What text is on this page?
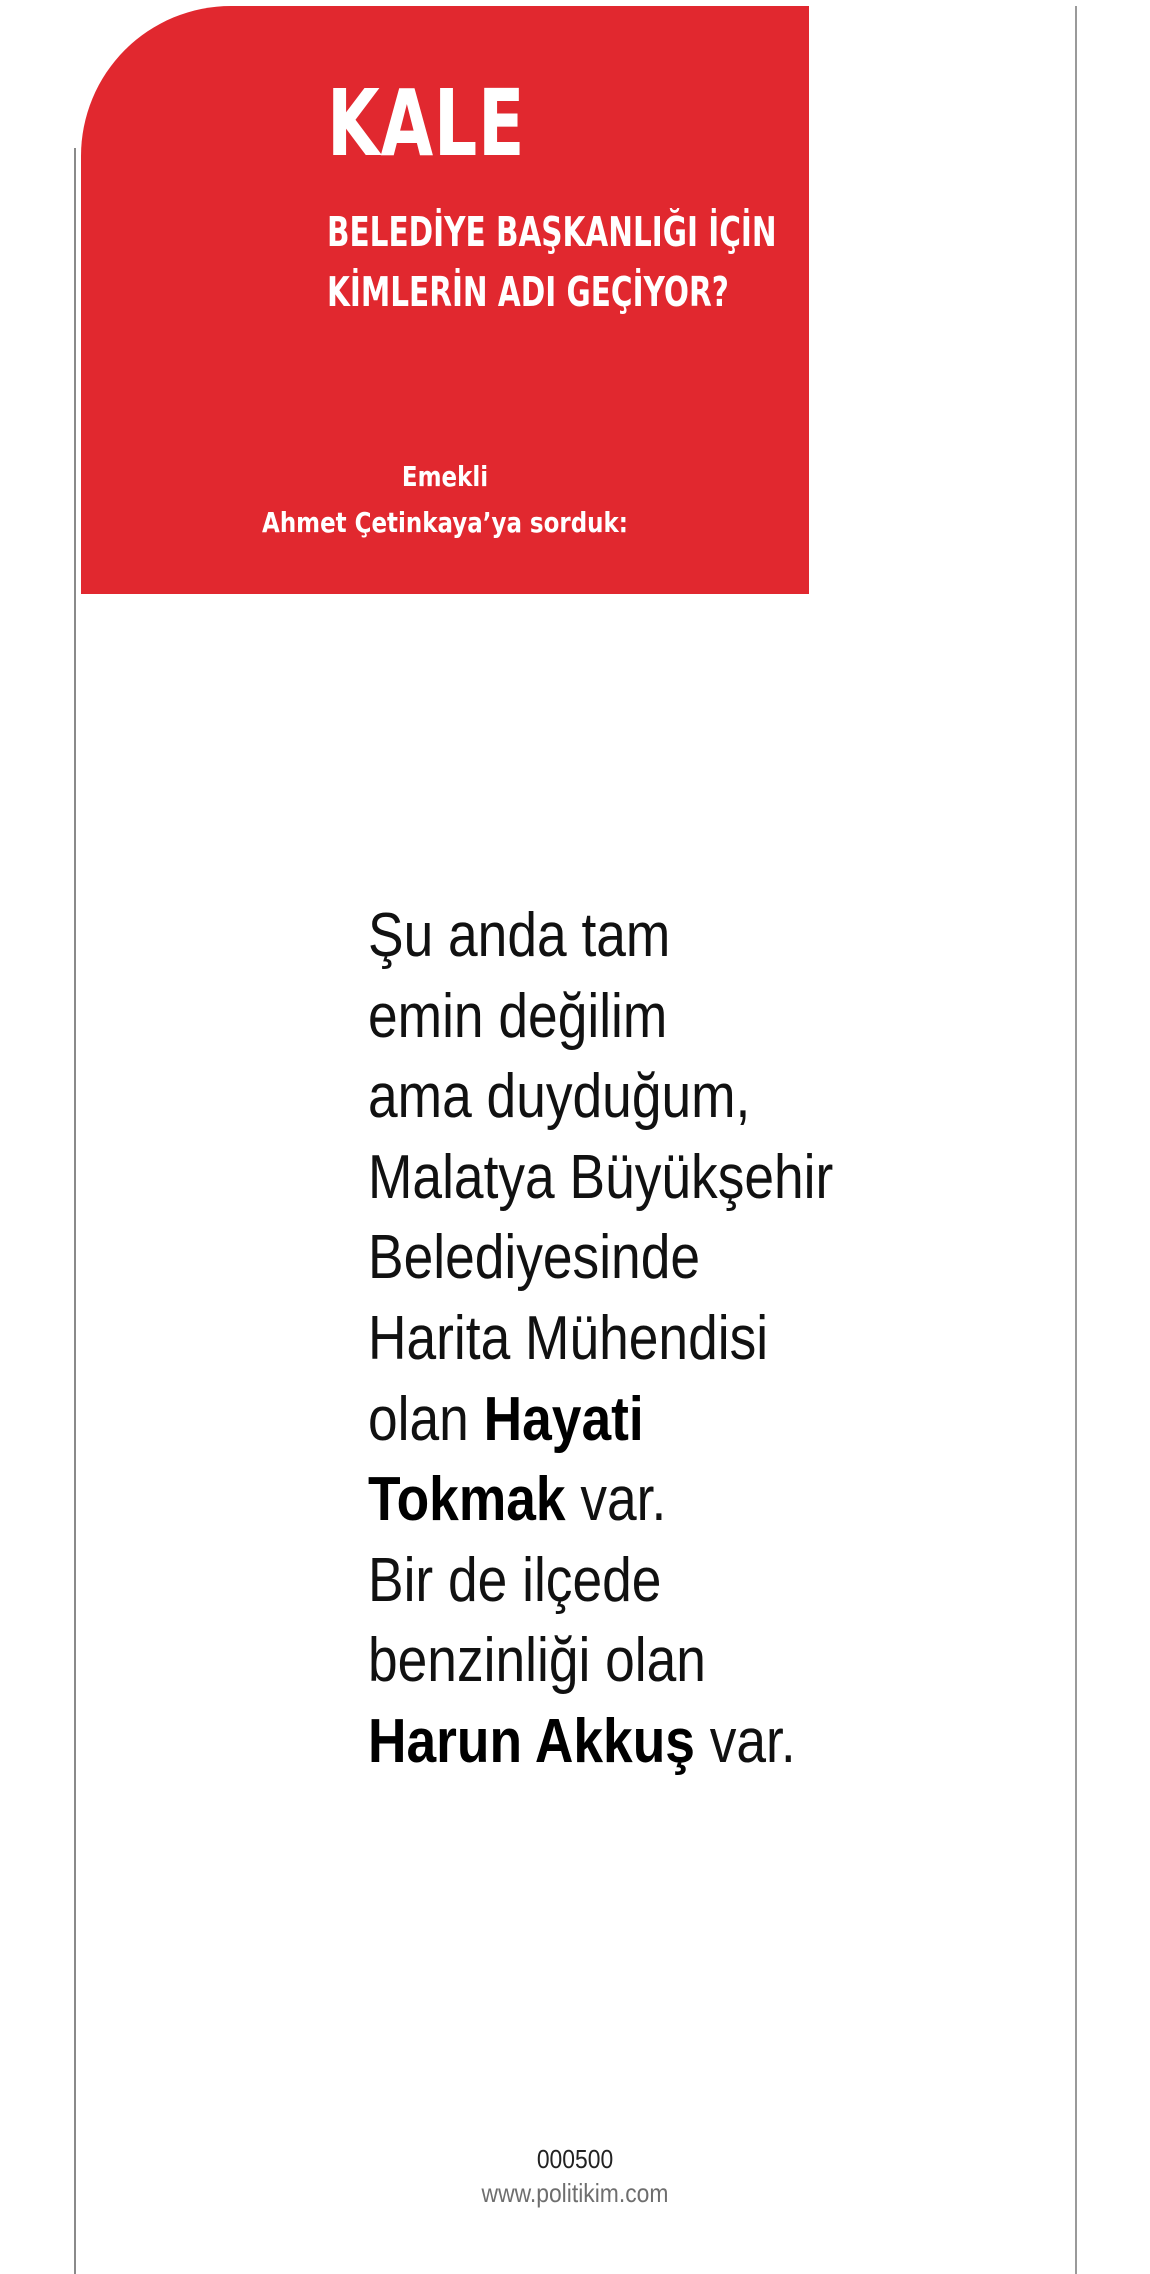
KALE
BELEDİYE BAŞKANLIĞI İÇİN
KİMLERİN ADI GEÇİYOR?
Emekli
Ahmet Çetinkaya’ya sorduk:
Şu anda tam
emin değilim
ama duyduğum,
Malatya Büyükşehir
Belediyesinde
Harita Mühendisi
olan Hayati
Tokmak var.
Bir de ilçede
benzinliği olan
Harun Akkuş var.
000500
www.politikim.com
